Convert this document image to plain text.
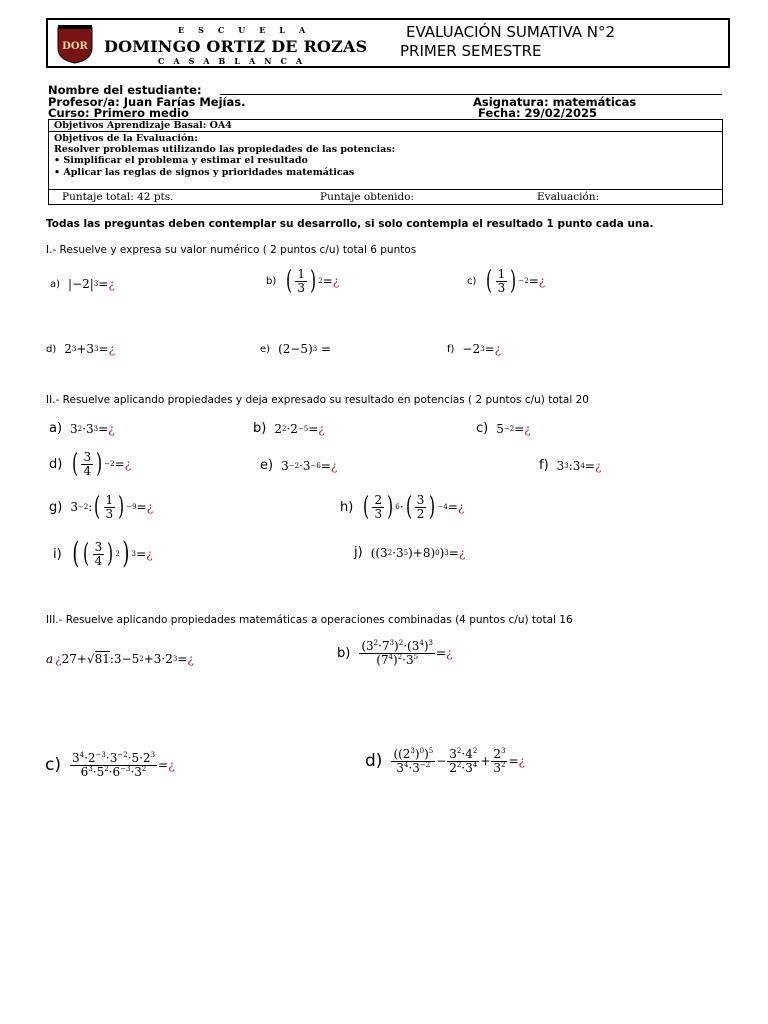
DOR
ESCUELA
DOMINGO ORTIZ DE ROZAS
CASABLANCA
EVALUACIÓN SUMATIVA N°2
PRIMER SEMESTRE
Nombre del estudiante:
Profesor/a: Juan Farías Mejías.	Asignatura: matemáticas
Curso: Primero medio	Fecha: 29/02/2025
Objetivos Aprendizaje Basal: OA4
Objetivos de la Evaluación:
Resolver problemas utilizando las propiedades de las potencias:
• Simplificar el problema y estimar el resultado
• Aplicar las reglas de signos y prioridades matemáticas
Puntaje total: 42 pts.	Puntaje obtenido:	Evaluación:
Todas las preguntas deben contemplar su desarrollo, si solo contempla el resultado 1 punto cada una.
I.- Resuelve y expresa su valor numérico ( 2 puntos c/u) total 6 puntos
a) |−2| 3 = ¿	b) ( $\frac{1}{3}$ ) 2 = ¿	c) ( $\frac{1}{3}$ ) −2 = ¿
d) 2 3 +3 3 = ¿	e) (2−5) 3 =	f) −2 3 = ¿
II.- Resuelve aplicando propiedades y deja expresado su resultado en potencias ( 2 puntos c/u) total 20
a) 3 2 ·3 3 = ¿	b) 2 2 ·2 −5 = ¿	c) 5 −2 = ¿
d) ( $\frac{3}{4}$ ) −2 = ¿	e) 3 −2 ·3 −6 = ¿	f) 3 3 :3 4 = ¿
g) 3 −2 : ( $\frac{1}{3}$ ) −9 = ¿	h) ( $\frac{2}{3}$ ) 6 · ( $\frac{3}{2}$ ) −4 = ¿
i) ( ( $\frac{3}{4}$ ) 2 ) 3 = ¿	j) ((3 2 ·3 5 )+8) 0 ) 3 = ¿
III.- Resuelve aplicando propiedades matemáticas a operaciones combinadas (4 puntos c/u) total 16
a ¿ 27+√ 81 :3−5 2 +3·2 3 = ¿	$b) \frac{(3^2\cdot 7^3)^2\cdot(3^4)^3}{(7^4)^2\cdot 3^5}$ = ¿
$c) \frac{3^4\cdot 2^{-3}\cdot 3^{-2}\cdot 5\cdot 2^3}{6^3\cdot 5^2\cdot 6^{-3}\cdot 3^2}$ = ¿	$d) \frac{((2^3)^0)^5}{3^4\cdot 3^{-2}} - \frac{3^2\cdot 4^2}{2^2\cdot 3^4} + \frac{2^3}{3^2}$ = ¿
